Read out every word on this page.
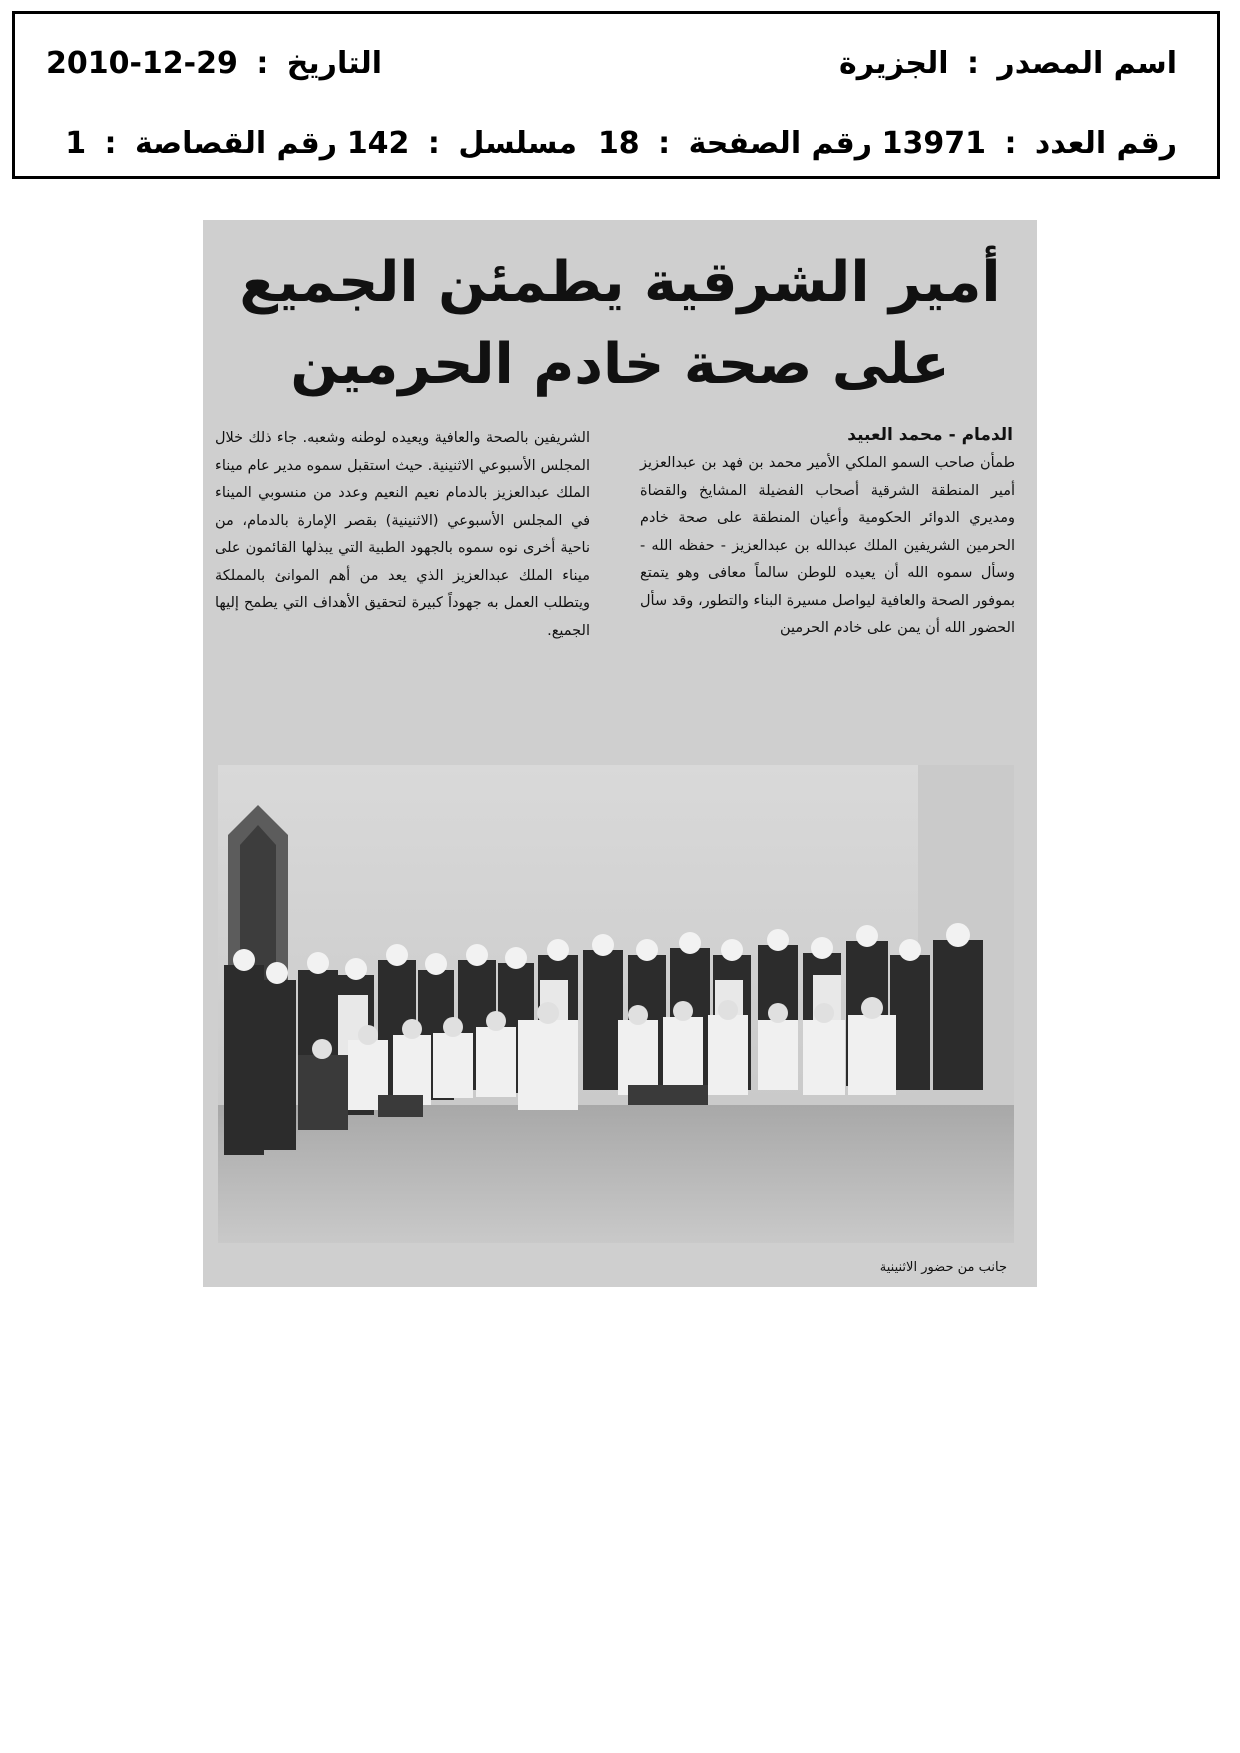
اسم المصدر : الجزيرة
التاريخ : 2010-12-29
رقم العدد : 13971
رقم الصفحة : 18
مسلسل : 142
رقم القصاصة : 1
أمير الشرقية يطمئن الجميع
على صحة خادم الحرمين
الدمام - محمد العبيد
طمأن صاحب السمو الملكي الأمير محمد بن فهد بن عبدالعزيز أمير المنطقة الشرقية أصحاب الفضيلة المشايخ والقضاة ومديري الدوائر الحكومية وأعيان المنطقة على صحة خادم الحرمين الشريفين الملك عبدالله بن عبدالعزيز - حفظه الله - وسأل سموه الله أن يعيده للوطن سالماً معافى وهو يتمتع بموفور الصحة والعافية ليواصل مسيرة البناء والتطور، وقد سأل الحضور الله أن يمن على خادم الحرمين
الشريفين بالصحة والعافية ويعيده لوطنه وشعبه. جاء ذلك خلال المجلس الأسبوعي الاثنينية. حيث استقبل سموه مدير عام ميناء الملك عبدالعزيز بالدمام نعيم النعيم وعدد من منسوبي الميناء في المجلس الأسبوعي (الاثنينية) بقصر الإمارة بالدمام، من ناحية أخرى نوه سموه بالجهود الطبية التي يبذلها القائمون على ميناء الملك عبدالعزيز الذي يعد من أهم الموانئ بالمملكة ويتطلب العمل به جهوداً كبيرة لتحقيق الأهداف التي يطمح إليها الجميع.
جانب من حضور الاثنينية
